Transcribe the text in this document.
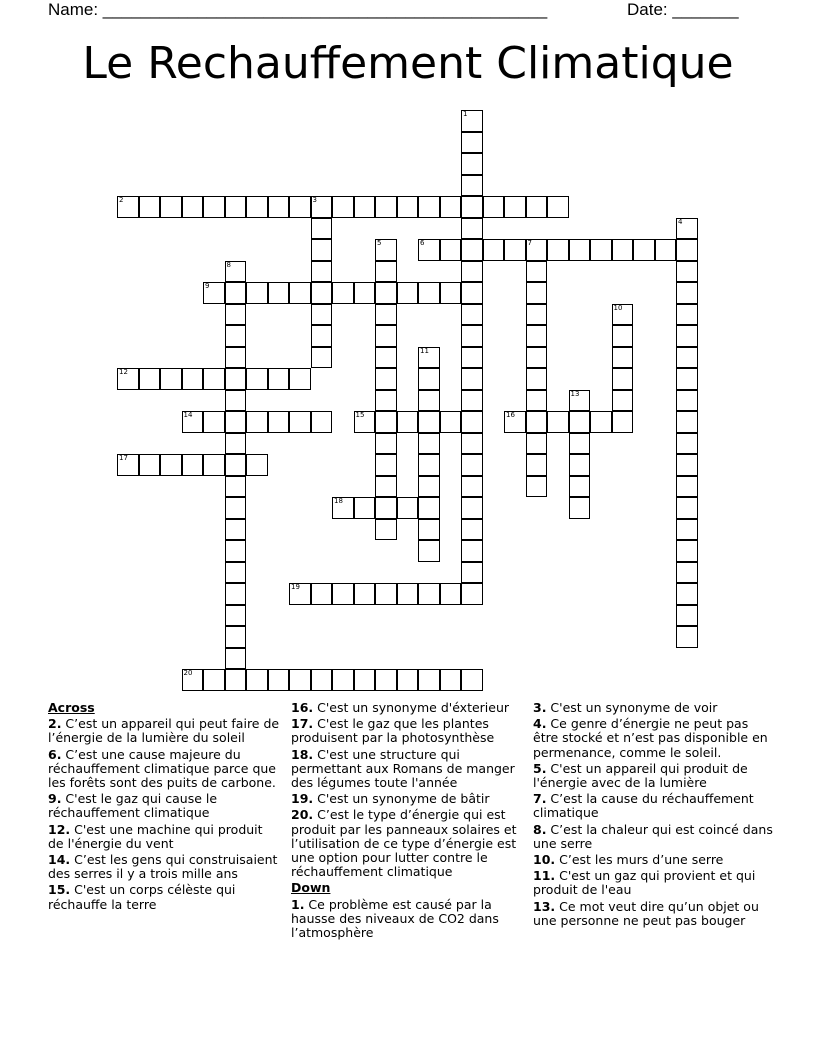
Name: _______________________________________________	Date: _______
Le Rechauffement Climatique
1
2	3
4
5	6	7
8
9
10
11
12
13
14	15	16
17
18
19
20

Across

2. C’est un appareil qui peut faire de l’énergie de la lumière du soleil

6. C’est une cause majeure du réchauffement climatique parce que les forêts sont des puits de carbone.

9. C'est le gaz qui cause le réchauffement climatique

12. C'est une machine qui produit de l'énergie du vent

14. C’est les gens qui construisaient des serres il y a trois mille ans

15. C'est un corps célèste qui réchauffe la terre

16. C'est un synonyme d'éxterieur

17. C'est le gaz que les plantes produisent par la photosynthèse

18. C'est une structure qui permettant aux Romans de manger des légumes toute l'année

19. C'est un synonyme de bâtir

20. C’est le type d’énergie qui est produit par les panneaux solaires et l’utilisation de ce type d’énergie est une option pour lutter contre le réchauffement climatique

Down

1. Ce problème est causé par la hausse des niveaux de CO2 dans l’atmosphère

3. C'est un synonyme de voir

4. Ce genre d’énergie ne peut pas être stocké et n’est pas disponible en permenance, comme le soleil.

5. C'est un appareil qui produit de l'énergie avec de la lumière

7. C’est la cause du réchauffement climatique

8. C’est la chaleur qui est coincé dans une serre

10. C’est les murs d’une serre

11. C'est un gaz qui provient et qui produit de l'eau

13. Ce mot veut dire qu’un objet ou une personne ne peut pas bouger
